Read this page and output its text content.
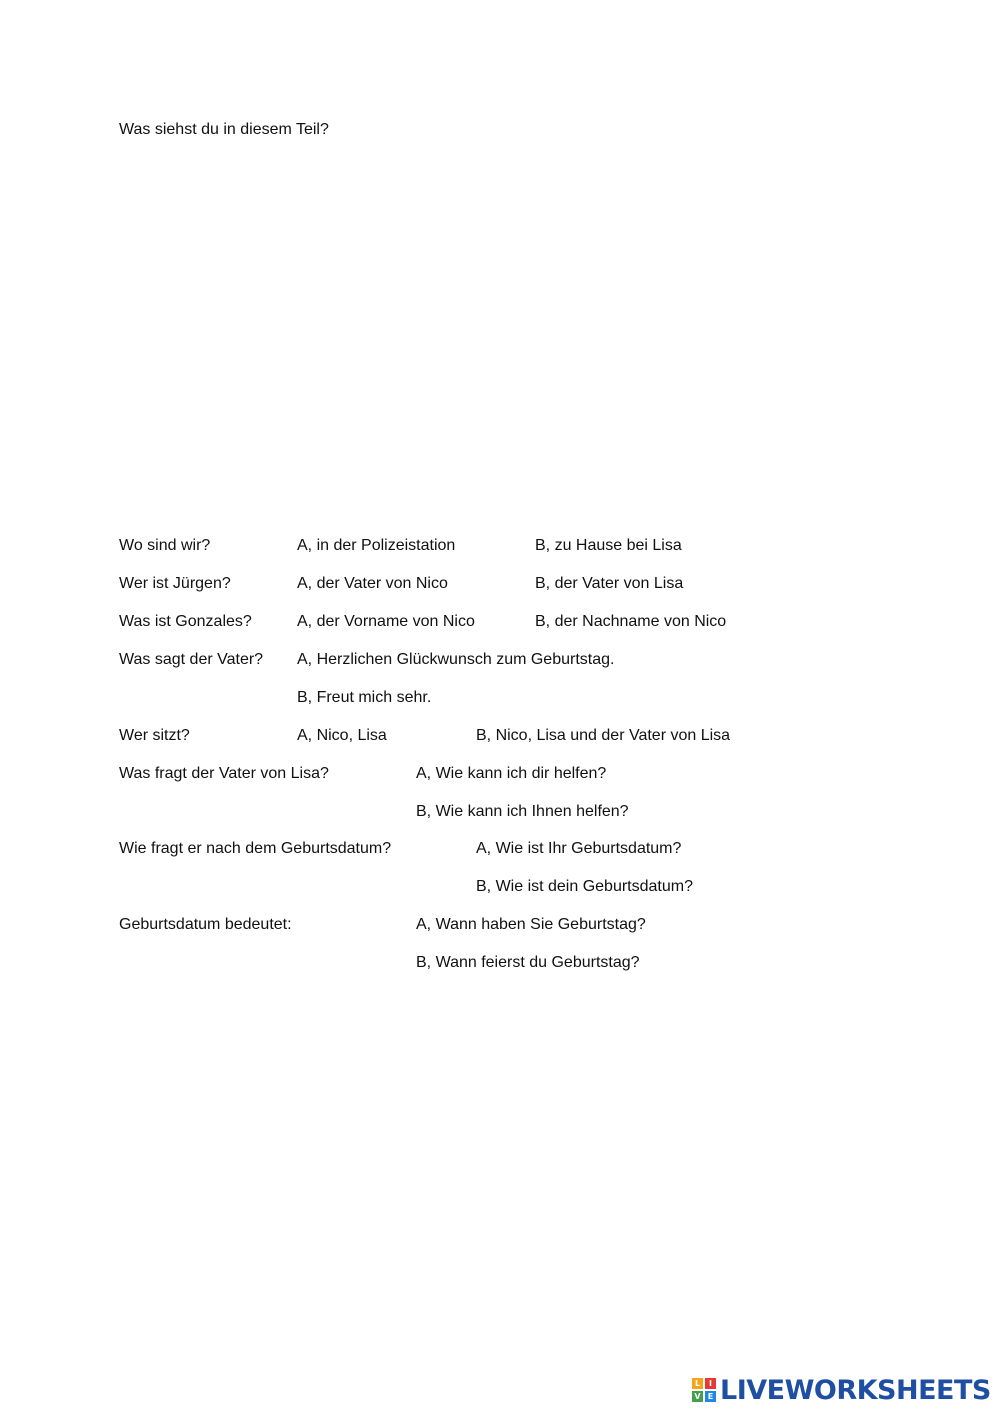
Was siehst du in diesem Teil?
Wo sind wir?	A, in der Polizeistation	B, zu Hause bei Lisa
Wer ist Jürgen?	A, der Vater von Nico	B, der Vater von Lisa
Was ist Gonzales?	A, der Vorname von Nico	B, der Nachname von Nico
Was sagt der Vater? A, Herzlichen Glückwunsch zum Geburtstag.
B, Freut mich sehr.
Wer sitzt?	A, Nico, Lisa	B, Nico, Lisa und der Vater von Lisa
Was fragt der Vater von Lisa?	A, Wie kann ich dir helfen?
B, Wie kann ich Ihnen helfen?
Wie fragt er nach dem Geburtsdatum?	A, Wie ist Ihr Geburtsdatum?
B, Wie ist dein Geburtsdatum?
Geburtsdatum bedeutet:	A, Wann haben Sie Geburtstag?
B, Wann feierst du Geburtstag?
L	I
V E LIVEWORKSHEETS
